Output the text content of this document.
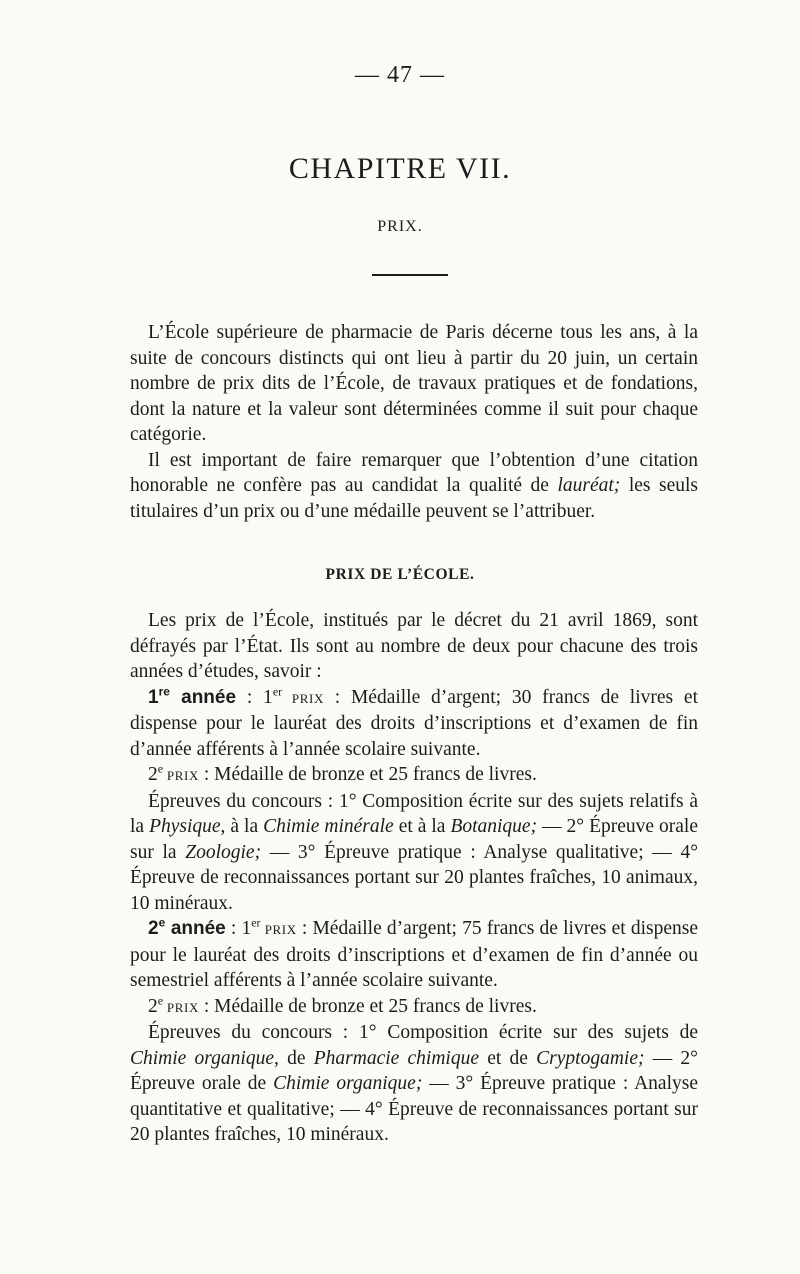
— 47 —
CHAPITRE VII.
PRIX.

L’École supérieure de pharmacie de Paris décerne tous les ans, à la suite de concours distincts qui ont lieu à partir du 20 juin, un certain nombre de prix dits de l’École, de travaux pratiques et de fondations, dont la nature et la valeur sont déterminées comme il suit pour chaque catégorie.

Il est important de faire remarquer que l’obtention d’une citation honorable ne confère pas au candidat la qualité de lauréat; les seuls titulaires d’un prix ou d’une médaille peuvent se l’attribuer.

PRIX DE L’ÉCOLE.

Les prix de l’École, institués par le décret du 21 avril 1869, sont défrayés par l’État. Ils sont au nombre de deux pour chacune des trois années d’études, savoir :

1re année : 1er PRIX : Médaille d’argent; 30 francs de livres et dispense pour le lauréat des droits d’inscriptions et d’examen de fin d’année afférents à l’année scolaire suivante.

2e PRIX : Médaille de bronze et 25 francs de livres.

Épreuves du concours : 1° Composition écrite sur des sujets relatifs à la Physique, à la Chimie minérale et à la Botanique; — 2° Épreuve orale sur la Zoologie; — 3° Épreuve pratique : Analyse qualitative; — 4° Épreuve de reconnaissances portant sur 20 plantes fraîches, 10 animaux, 10 minéraux.

2e année : 1er PRIX : Médaille d’argent; 75 francs de livres et dispense pour le lauréat des droits d’inscriptions et d’examen de fin d’année ou semestriel afférents à l’année scolaire suivante.

2e PRIX : Médaille de bronze et 25 francs de livres.

Épreuves du concours : 1° Composition écrite sur des sujets de Chimie organique, de Pharmacie chimique et de Cryptogamie; — 2° Épreuve orale de Chimie organique; — 3° Épreuve pratique : Analyse quantitative et qualitative; — 4° Épreuve de reconnaissances portant sur 20 plantes fraîches, 10 minéraux.
